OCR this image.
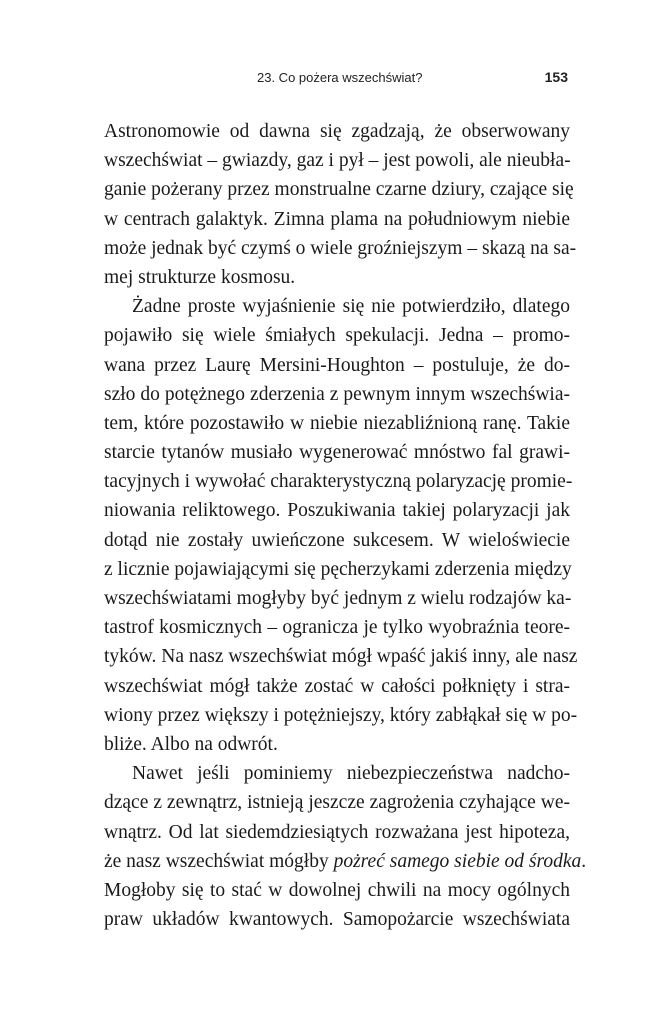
23. Co pożera wszechświat?	153
Astronomowie od dawna się zgadzają, że obserwowany
wszechświat – gwiazdy, gaz i pył – jest powoli, ale nieubła-
ganie pożerany przez monstrualne czarne dziury, czające się
w centrach galaktyk. Zimna plama na południowym niebie
może jednak być czymś o wiele groźniejszym – skazą na sa-
mej strukturze kosmosu.
Żadne proste wyjaśnienie się nie potwierdziło, dlatego
pojawiło się wiele śmiałych spekulacji. Jedna – promo-
wana przez Laurę Mersini-Houghton – postuluje, że do-
szło do potężnego zderzenia z pewnym innym wszechświa-
tem, które pozostawiło w niebie niezabliźnioną ranę. Takie
starcie tytanów musiało wygenerować mnóstwo fal grawi-
tacyjnych i wywołać charakterystyczną polaryzację promie-
niowania reliktowego. Poszukiwania takiej polaryzacji jak
dotąd nie zostały uwieńczone sukcesem. W wieloświecie
z licznie pojawiającymi się pęcherzykami zderzenia między
wszechświatami mogłyby być jednym z wielu rodzajów ka-
tastrof kosmicznych – ogranicza je tylko wyobraźnia teore-
tyków. Na nasz wszechświat mógł wpaść jakiś inny, ale nasz
wszechświat mógł także zostać w całości połknięty i stra-
wiony przez większy i potężniejszy, który zabłąkał się w po-
bliże. Albo na odwrót.
Nawet jeśli pominiemy niebezpieczeństwa nadcho-
dzące z zewnątrz, istnieją jeszcze zagrożenia czyhające we-
wnątrz. Od lat siedemdziesiątych rozważana jest hipoteza,
że nasz wszechświat mógłby pożreć samego siebie od środka.
Mogłoby się to stać w dowolnej chwili na mocy ogólnych
praw układów kwantowych. Samopożarcie wszechświata
